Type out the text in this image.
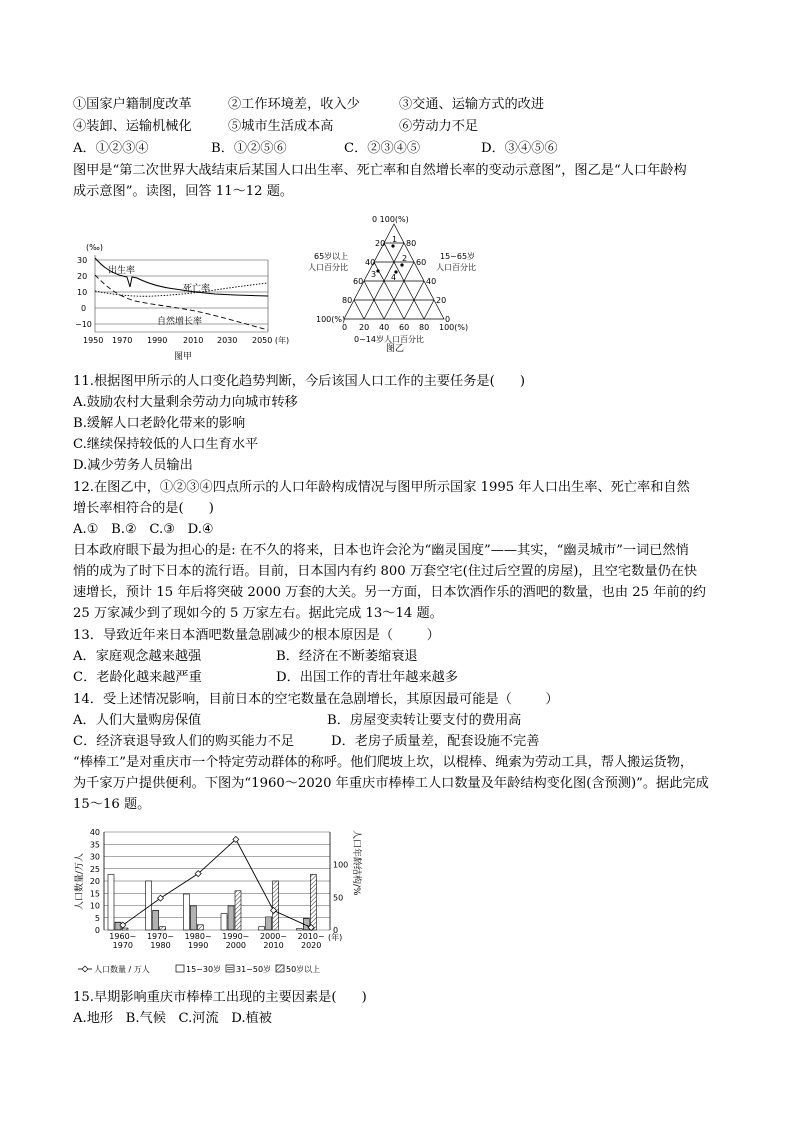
①国家户籍制度改革	②工作环境差，收入少	③交通、运输方式的改进
④装卸、运输机械化	⑤城市生活成本高	⑥劳动力不足
A．①②③④	B．①②⑤⑥	C．②③④⑤	D．③④⑤⑥
图甲是“第二次世界大战结束后某国人口出生率、死亡率和自然增长率的变动示意图”，图乙是“人口年龄构
成示意图”。读图，回答 11～12 题。
(‰)
30
20
10
0
−10
出生率
死亡率
自然增长率
1950 1970 1990 2010 2030 2050 (年)
图甲
0 100(%)
20
40
60
80
100(%)
80
60
40
20
0
0 20 40 60 80 100(%)
65岁以上
人口百分比
15~65岁
人口百分比
0~14岁人口百分比
1
2
3 4
图乙
11.根据图甲所示的人口变化趋势判断，今后该国人口工作的主要任务是(      )
A.鼓励农村大量剩余劳动力向城市转移
B.缓解人口老龄化带来的影响
C.继续保持较低的人口生育水平
D.减少劳务人员输出
12.在图乙中，①②③④四点所示的人口年龄构成情况与图甲所示国家 1995 年人口出生率、死亡率和自然
增长率相符合的是(      )
A.①   B.②   C.③   D.④
日本政府眼下最为担心的是: 在不久的将来，日本也许会沦为“幽灵国度”——其实，“幽灵城市”一词已然悄
悄的成为了时下日本的流行语。目前，日本国内有约 800 万套空宅(住过后空置的房屋)，且空宅数量仍在快
速增长，预计 15 年后将突破 2000 万套的大关。另一方面，日本饮酒作乐的酒吧的数量，也由 25 年前的约
25 万家减少到了现如今的 5 万家左右。据此完成 13～14 题。
13．导致近年来日本酒吧数量急剧减少的根本原因是（        ）
A．家庭观念越来越强	B．经济在不断萎缩衰退
C．老龄化越来越严重	D．出国工作的青壮年越来越多
14．受上述情况影响，目前日本的空宅数量在急剧增长，其原因最可能是（        ）
A．人们大量购房保值	B．房屋变卖转让要支付的费用高
C．经济衰退导致人们的购买能力不足	D．老房子质量差，配套设施不完善
“棒棒工”是对重庆市一个特定劳动群体的称呼。他们爬坡上坎，以棍棒、绳索为劳动工具，帮人搬运货物，
为千家万户提供便利。下图为“1960～2020 年重庆市棒棒工人口数量及年龄结构变化图(含预测)”。据此完成
15～16 题。
人口数量/万人	人口年龄结构/%
0
5
10
15
20
25
30
35
40
0
50
100
1960~
1970
1970~
1980
1980~
1990
1990~
2000
2000~
2010
2010~
2020
(年)
人口数量 / 万人	15~30岁 31~50岁 50岁以上
15.早期影响重庆市棒棒工出现的主要因素是(      )
A.地形   B.气候   C.河流   D.植被
